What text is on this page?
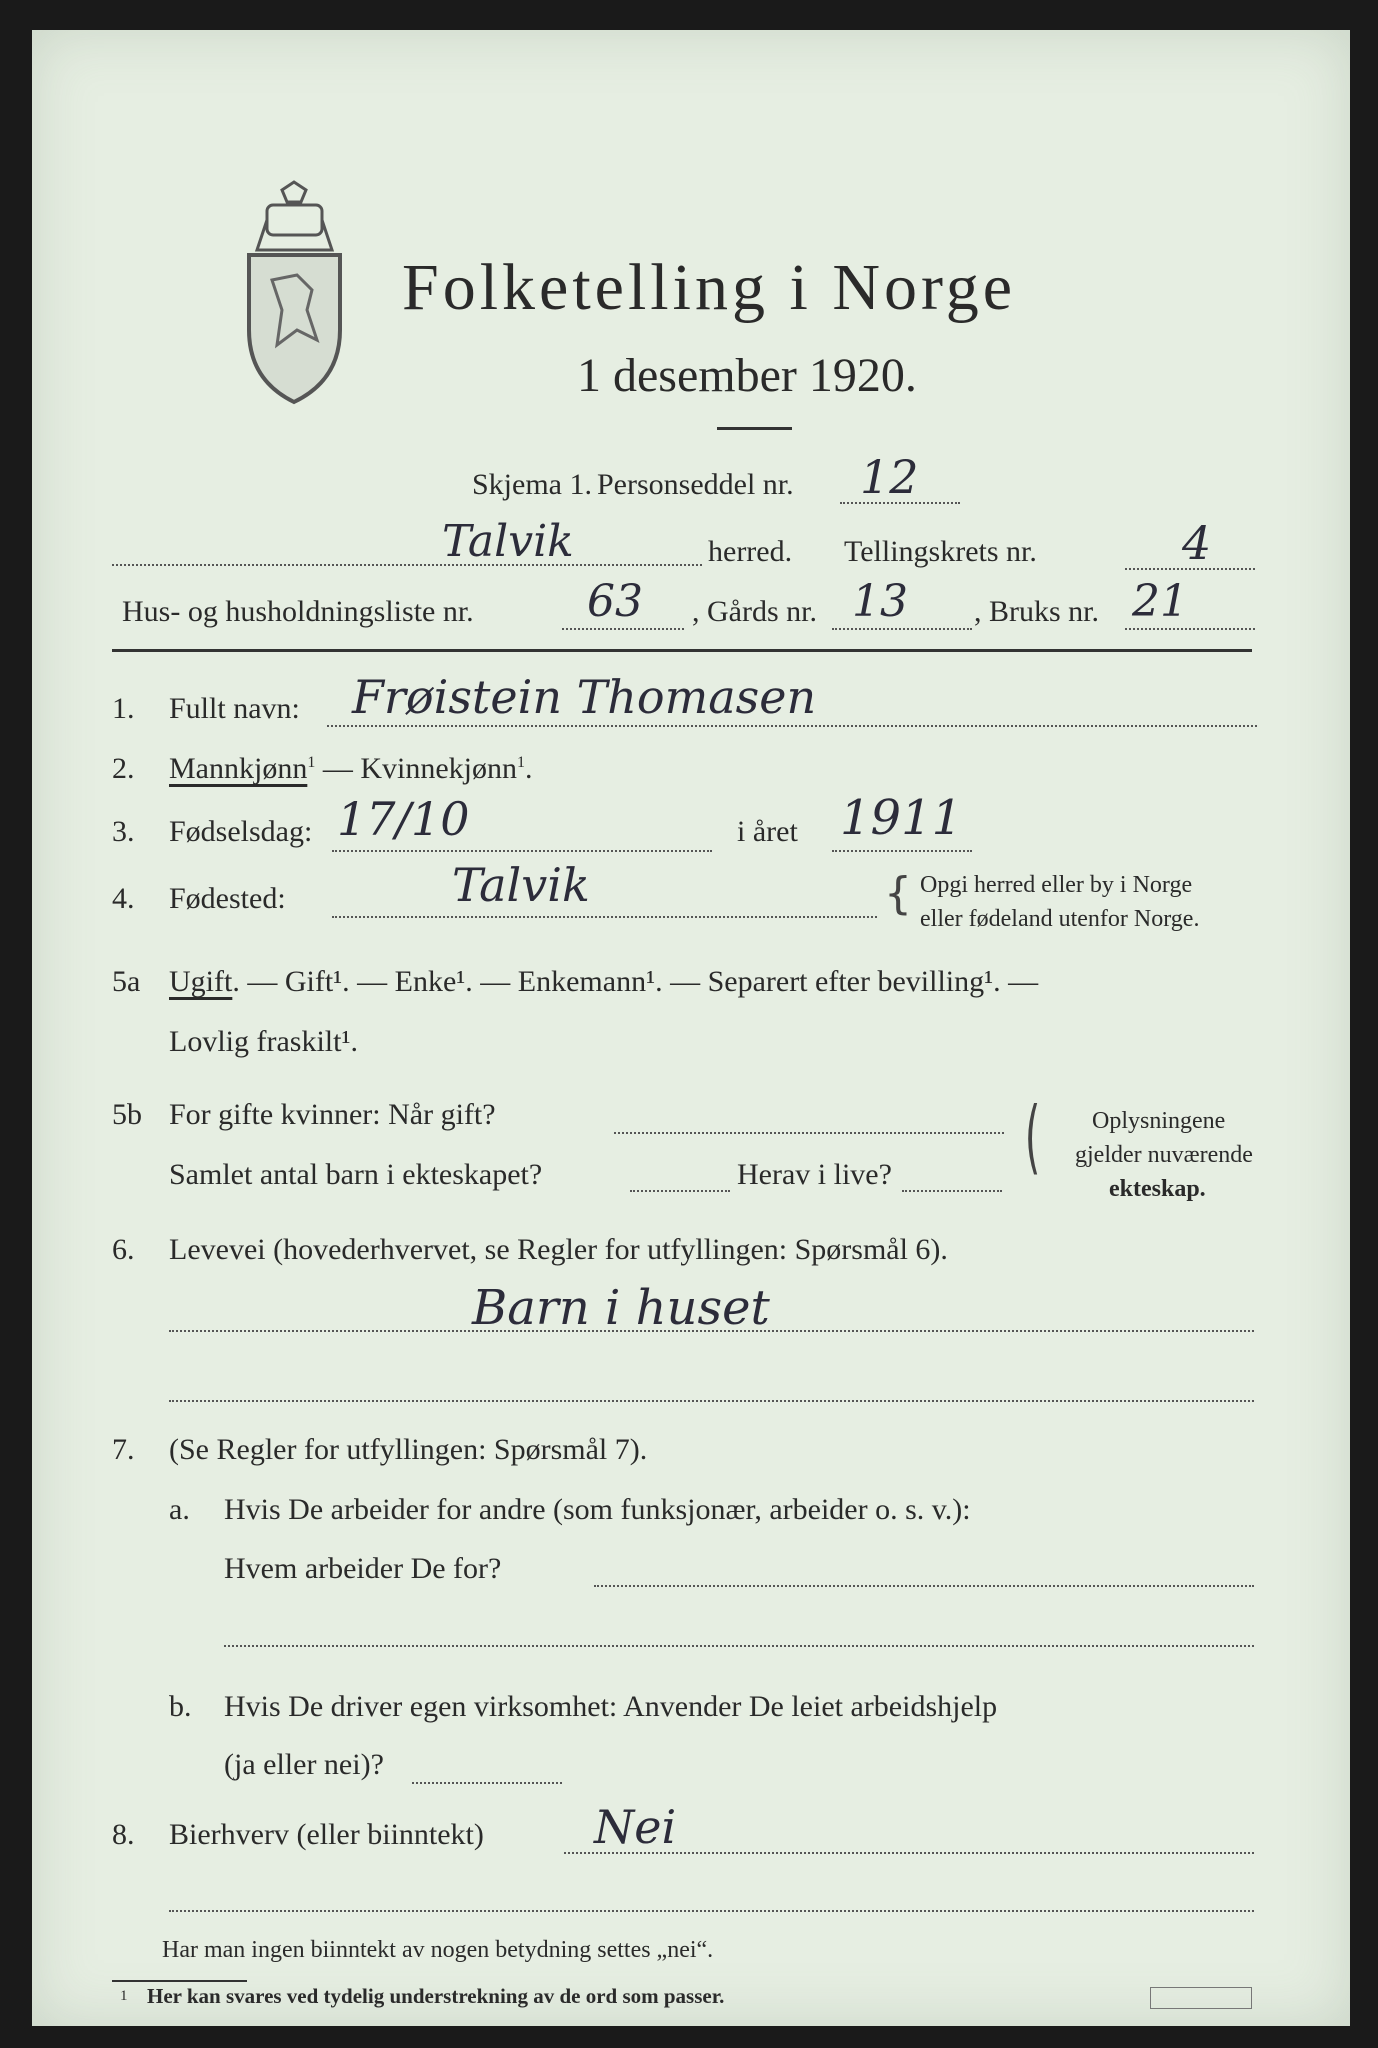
Folketelling i Norge
1 desember 1920.
Skjema 1. Personseddel nr. 12
Talvik	herred. Tellingskrets nr.	4
Hus- og husholdningsliste nr.	63 , Gårds nr. 13 , Bruks nr. 21
1. Fullt navn: Frøistein Thomasen
2. Mannkjønn$^1$ — Kvinnekjønn$^1$.
3. Fødselsdag: 17/10	i året 1911
4. Fødested:	Talvik	{ Opgi herred eller by i Norge
eller fødeland utenfor Norge.
5a Ugift. — Gift¹. — Enke¹. — Enkemann¹. — Separert efter bevilling¹. —
Lovlig fraskilt¹.
5b For gifte kvinner: Når gift?
Samlet antal barn i ekteskapet?	Herav i live? ( Oplysningene
gjelder nuværende
ekteskap.
6. Levevei (hovederhvervet, se Regler for utfyllingen: Spørsmål 6).
Barn i huset
7. (Se Regler for utfyllingen: Spørsmål 7).
a. Hvis De arbeider for andre (som funksjonær, arbeider o. s. v.):
Hvem arbeider De for?
b. Hvis De driver egen virksomhet: Anvender De leiet arbeidshjelp
(ja eller nei)?
8. Bierhverv (eller biinntekt) Nei
Har man ingen biinntekt av nogen betydning settes „nei“.
1 Her kan svares ved tydelig understrekning av de ord som passer.
